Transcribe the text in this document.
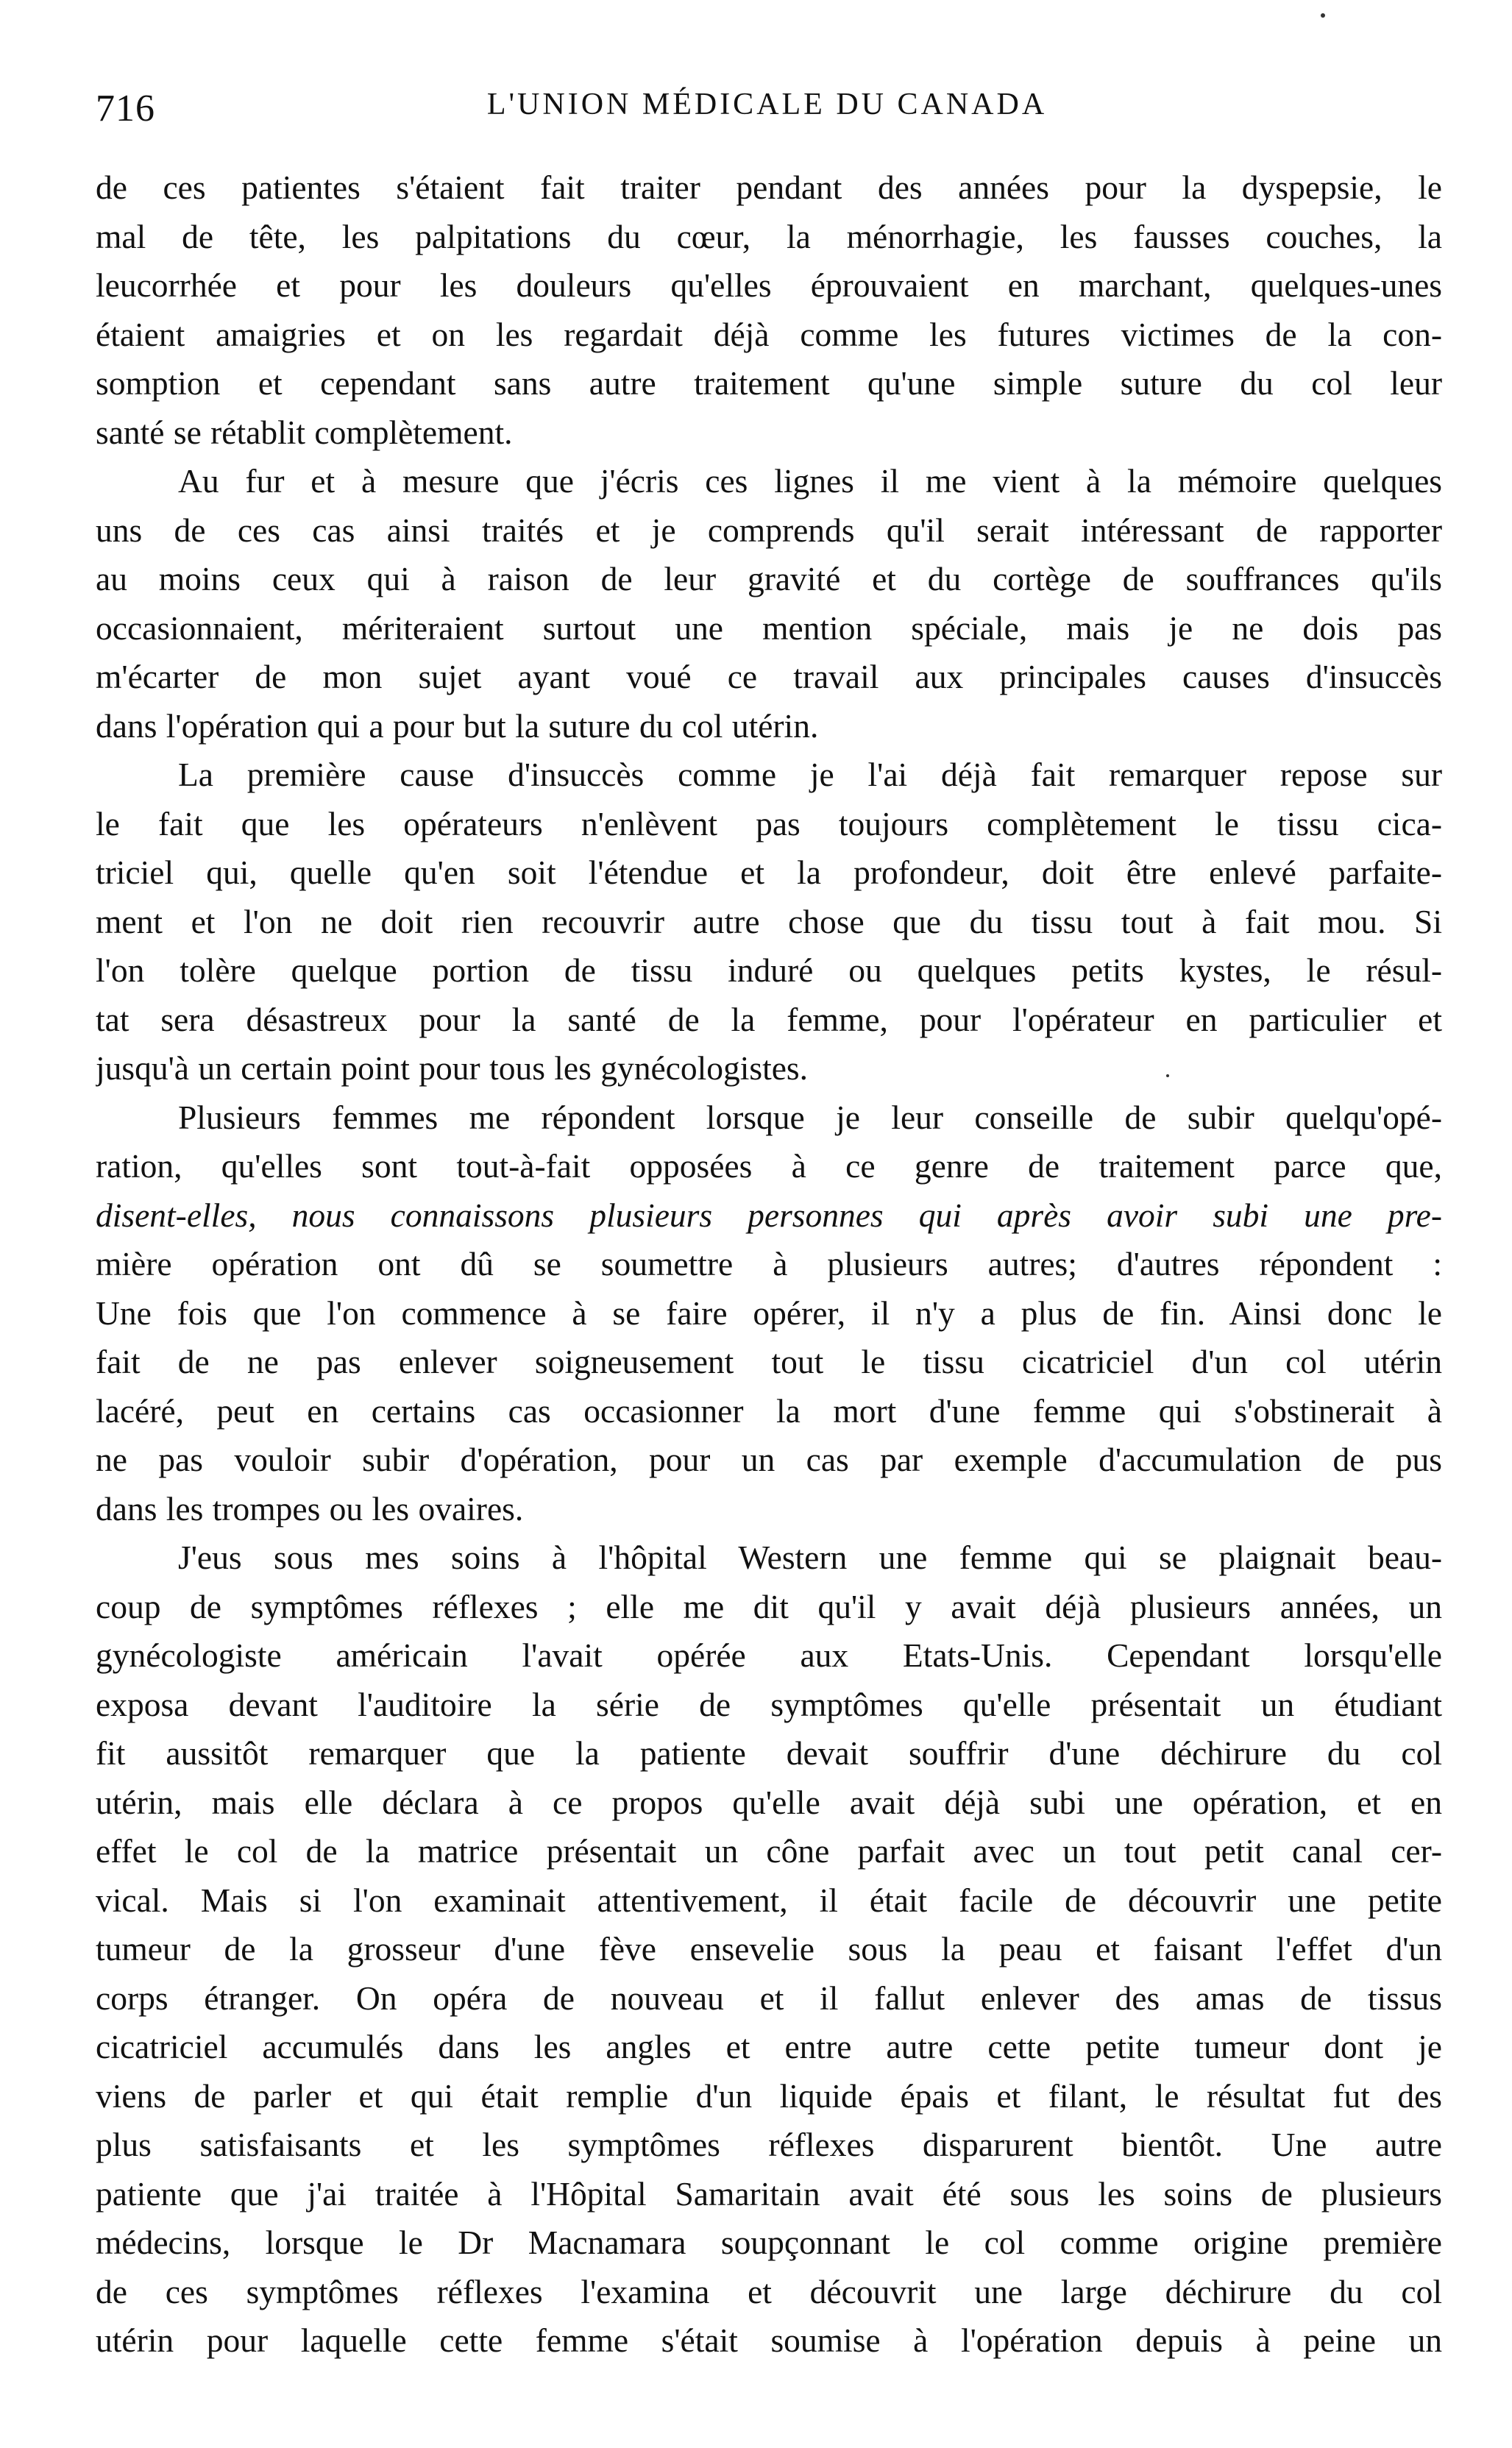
716	L'UNION MÉDICALE DU CANADA

de ces patientes s'étaient fait traiter pendant des années pour la dyspepsie, le
mal de tête, les palpitations du cœur, la ménorrhagie, les fausses couches, la
leucorrhée et pour les douleurs qu'elles éprouvaient en marchant, quelques-unes
étaient amaigries et on les regardait déjà comme les futures victimes de la con-
somption et cependant sans autre traitement qu'une simple suture du col leur
santé se rétablit complètement.

Au fur et à mesure que j'écris ces lignes il me vient à la mémoire quelques
uns de ces cas ainsi traités et je comprends qu'il serait intéressant de rapporter
au moins ceux qui à raison de leur gravité et du cortège de souffrances qu'ils
occasionnaient, mériteraient surtout une mention spéciale, mais je ne dois pas
m'écarter de mon sujet ayant voué ce travail aux principales causes d'insuccès
dans l'opération qui a pour but la suture du col utérin.

La première cause d'insuccès comme je l'ai déjà fait remarquer repose sur
le fait que les opérateurs n'enlèvent pas toujours complètement le tissu cica-
triciel qui, quelle qu'en soit l'étendue et la profondeur, doit être enlevé parfaite-
ment et l'on ne doit rien recouvrir autre chose que du tissu tout à fait mou. Si
l'on tolère quelque portion de tissu induré ou quelques petits kystes, le résul-
tat sera désastreux pour la santé de la femme, pour l'opérateur en particulier et
jusqu'à un certain point pour tous les gynécologistes.

Plusieurs femmes me répondent lorsque je leur conseille de subir quelqu'opé-
ration, qu'elles sont tout-à-fait opposées à ce genre de traitement parce que,
disent-elles, nous connaissons plusieurs personnes qui après avoir subi une pre-
mière opération ont dû se soumettre à plusieurs autres; d'autres répondent :
Une fois que l'on commence à se faire opérer, il n'y a plus de fin. Ainsi donc le
fait de ne pas enlever soigneusement tout le tissu cicatriciel d'un col utérin
lacéré, peut en certains cas occasionner la mort d'une femme qui s'obstinerait à
ne pas vouloir subir d'opération, pour un cas par exemple d'accumulation de pus
dans les trompes ou les ovaires.

J'eus sous mes soins à l'hôpital Western une femme qui se plaignait beau-
coup de symptômes réflexes ; elle me dit qu'il y avait déjà plusieurs années, un
gynécologiste américain l'avait opérée aux Etats-Unis. Cependant lorsqu'elle
exposa devant l'auditoire la série de symptômes qu'elle présentait un étudiant
fit aussitôt remarquer que la patiente devait souffrir d'une déchirure du col
utérin, mais elle déclara à ce propos qu'elle avait déjà subi une opération, et en
effet le col de la matrice présentait un cône parfait avec un tout petit canal cer-
vical. Mais si l'on examinait attentivement, il était facile de découvrir une petite
tumeur de la grosseur d'une fève ensevelie sous la peau et faisant l'effet d'un
corps étranger. On opéra de nouveau et il fallut enlever des amas de tissus
cicatriciel accumulés dans les angles et entre autre cette petite tumeur dont je
viens de parler et qui était remplie d'un liquide épais et filant, le résultat fut des
plus satisfaisants et les symptômes réflexes disparurent bientôt. Une autre
patiente que j'ai traitée à l'Hôpital Samaritain avait été sous les soins de plusieurs
médecins, lorsque le Dr Macnamara soupçonnant le col comme origine première
de ces symptômes réflexes l'examina et découvrit une large déchirure du col
utérin pour laquelle cette femme s'était soumise à l'opération depuis à peine un
